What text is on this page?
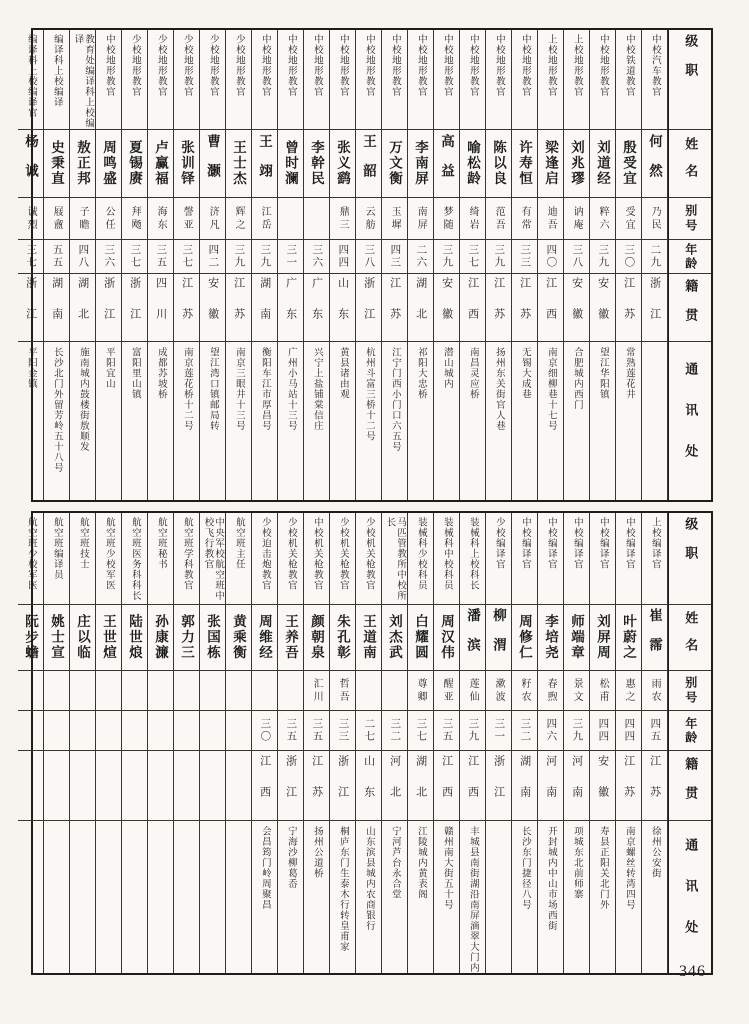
级职
姓名
别号
年龄
籍贯
通讯处
中校汽车教官
何然
乃民
二九
浙江
中校铁道教官
殷受宜
受宜
三〇
江苏
常熟莲花井
中校地形教官
刘道经
粹六
三九
安徽
望江华阳镇
上校地形教官
刘兆璆
讷庵
三八
安徽
合肥城内西门
上校地形教官
梁逢启
迪吾
四〇
江西
南京细柳巷十七号
中校地形教官
许寿恒
有常
三三
江苏
无锡大成巷
中校地形教官
陈以良
范吾
三九
江苏
扬州东关街官人巷
中校地形教官
喻松龄
绮岩
三七
江西
南昌灵应桥
中校地形教官
高益
梦随
三九
安徽
潜山城内
中校地形教官
李南屏
南屏
二六
湖北
祁阳大忠桥
中校地形教官
万文衡
玉墀
四三
江苏
江宁门西小门口六五号
中校地形教官
王韶
云舫
三八
浙江
杭州斗富三桥十二号
中校地形教官
张义鹞
鼎三
四四
山东
黄县诸由观
中校地形教官
李幹民
三六
广东
兴宁上盐铺棠信庄
中校地形教官
曾时澜
三一
广东
广州小马站十三号
中校地形教官
王翊
江岳
三九
湖南
衡阳车江市厚昌号
少校地形教官
王士杰
辉之
三九
江苏
南京三眼井十三号
少校地形教官
曹灏
济凡
四二
安徽
望江湾口镇邮局转
少校地形教官
张训铎
謦亚
三七
江苏
南京莲花桥十二号
少校地形教官
卢赢福
海东
三五
四川
成都苏坡桥
少校地形教官
夏锡赓
拜飏
三七
浙江
富阳里山镇
中校地形教官
周鸣盛
公任
三六
浙江
平阳宜山
教育处编译科上校编译
敖正邦
子瞻
四八
湖北
施南城内鼓楼街敖顺发
编译科上校编译
史秉直
屐盦
五五
湖南
长沙北门外留芳岭五十八号
编译科上校编译官
杨诚
诚烈
三七
浙江
平阳金镇
级职
姓名
别号
年龄
籍贯
通讯处
上校编译官
崔霈
雨农
四五
江苏
徐州公安街
中校编译官
叶蔚之
惠之
四四
江苏
南京螺丝转湾四号
中校编译官
刘屏周
松甫
四四
安徽
寿县正阳关北门外
中校编译官
师端章
景文
三九
河南
项城东北前师寨
中校编译官
李培尧
春煦
四六
河南
开封城内中山市场西街
中校编译官
周修仁
籽农
三二
湖南
长沙东门捷径八号
少校编译官
柳渭
漱波
三一
浙江
装械科上校科长
潘滨
莲仙
三九
江西
丰城县南街湖沿南屏滴翠大门内
装械科中校科员
周汉伟
醒亚
三五
江西
赣州南大街五十号
装械科少校科员
白耀圆
尊卿
三七
湖北
江陵城内黄表阁
马匹管教所中校所长
刘杰武
三二
河北
宁河芦台永合堂
少校机关枪教官
王道南
二七
山东
山东滨县城内农商银行
少校机关枪教官
朱孔彰
哲吾
三三
浙江
桐庐东门生泰木行转皇甫家
中校机关枪教官
颜朝泉
汇川
三五
江苏
扬州公道桥
少校机关枪教官
王养吾
三五
浙江
宁海沙柳葛岙
少校迫击炮教官
周维经
三〇
江西
会昌筠门岭周聚昌
航空班主任
黄乘衡
中央军校航空班中校飞行教官
张国栋
航空班学科教官
郭力三
航空班秘书
孙康濂
航空班医务科科长
陆世烺
航空班少校军医
王世煊
航空班技士
庄以临
航空班编译员
姚士宣
航空班少校军医
阮步蟾
346
